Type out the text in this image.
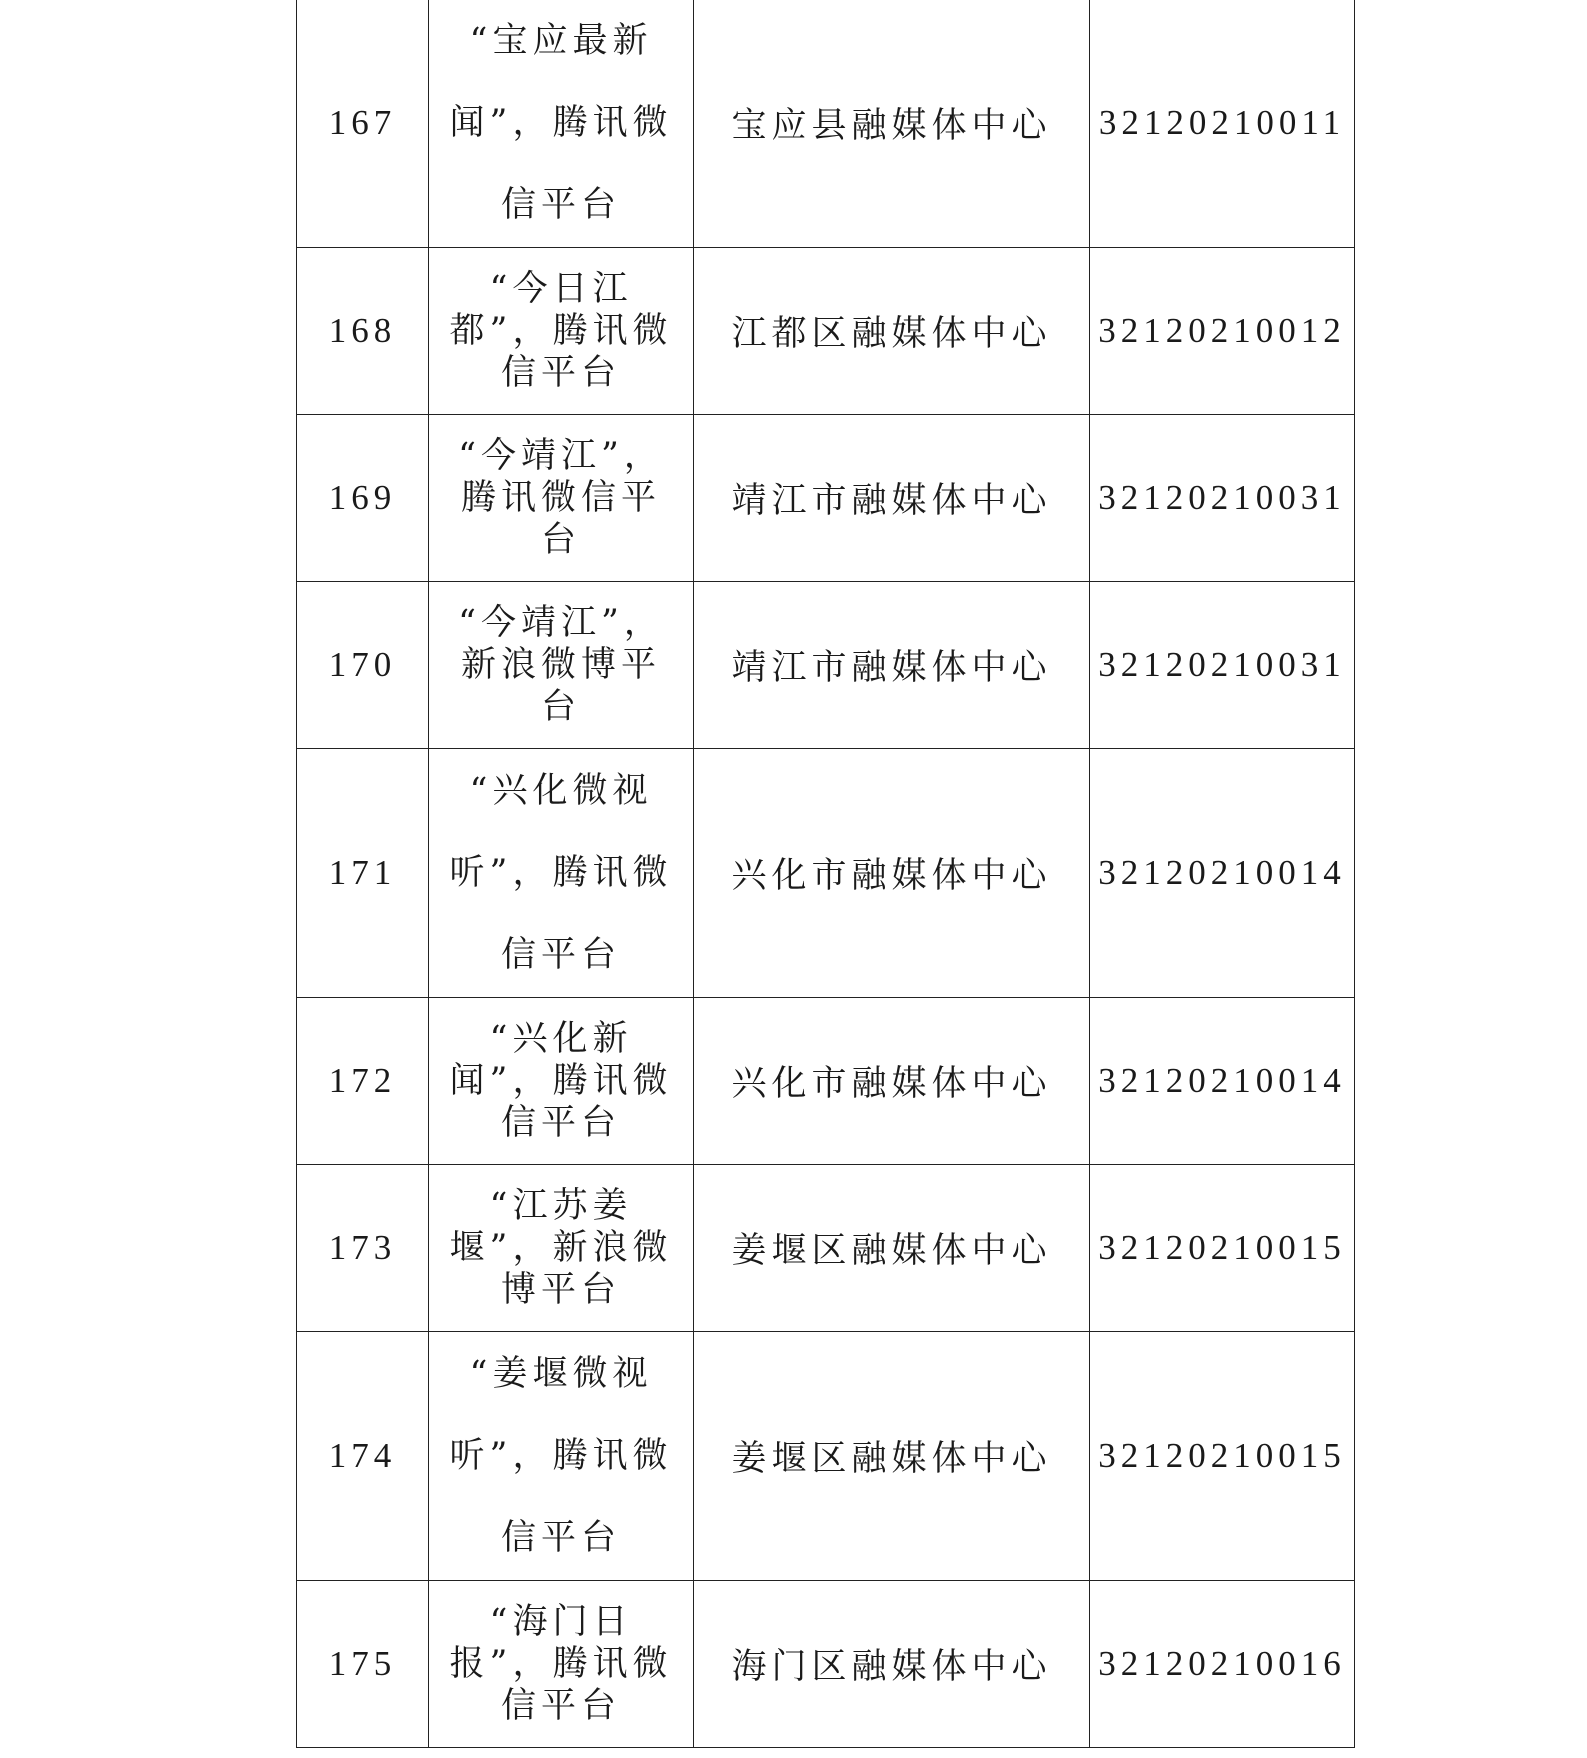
167	“宝应最新闻”，腾讯微信平台	宝应县融媒体中心	32120210011
168	“今日江都”，腾讯微信平台	江都区融媒体中心	32120210012
169	“今靖江”，腾讯微信平台	靖江市融媒体中心	32120210031
170	“今靖江”，新浪微博平台	靖江市融媒体中心	32120210031
171	“兴化微视听”，腾讯微信平台	兴化市融媒体中心	32120210014
172	“兴化新闻”，腾讯微信平台	兴化市融媒体中心	32120210014
173	“江苏姜堰”，新浪微博平台	姜堰区融媒体中心	32120210015
174	“姜堰微视听”，腾讯微信平台	姜堰区融媒体中心	32120210015
175	“海门日报”，腾讯微信平台	海门区融媒体中心	32120210016
